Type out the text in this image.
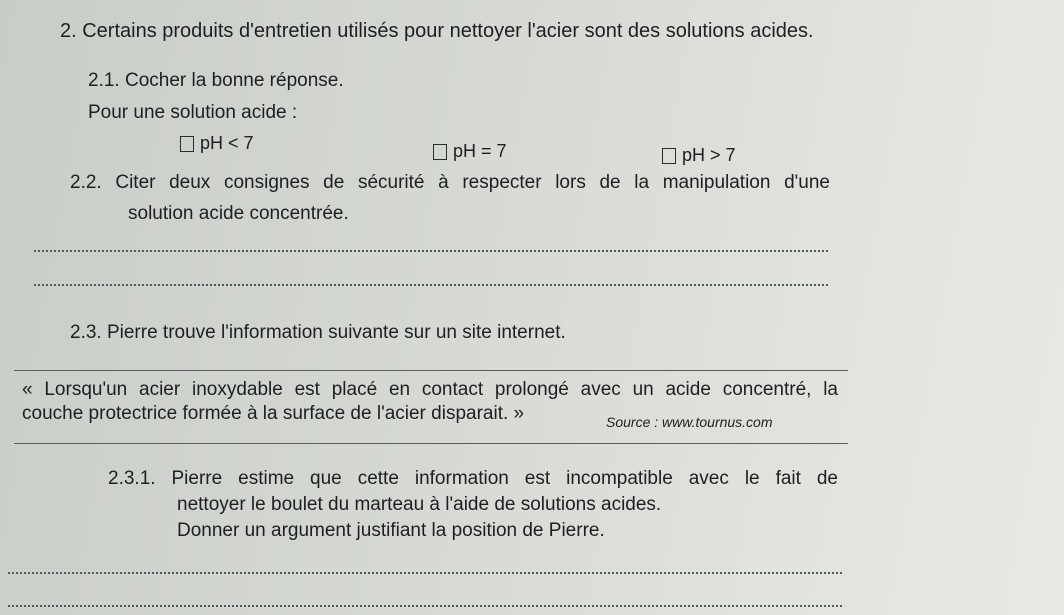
2. Certains produits d'entretien utilisés pour nettoyer l'acier sont des solutions acides.
2.1. Cocher la bonne réponse.
Pour une solution acide :
pH < 7	pH = 7	pH > 7
2.2. Citer deux consignes de sécurité à respecter lors de la manipulation d'une
solution acide concentrée.
2.3. Pierre trouve l'information suivante sur un site internet.
« Lorsqu'un acier inoxydable est placé en contact prolongé avec un acide concentré, la
couche protectrice formée à la surface de l'acier disparait. »	Source : www.tournus.com
2.3.1. Pierre estime que cette information est incompatible avec le fait de
nettoyer le boulet du marteau à l'aide de solutions acides.
Donner un argument justifiant la position de Pierre.
